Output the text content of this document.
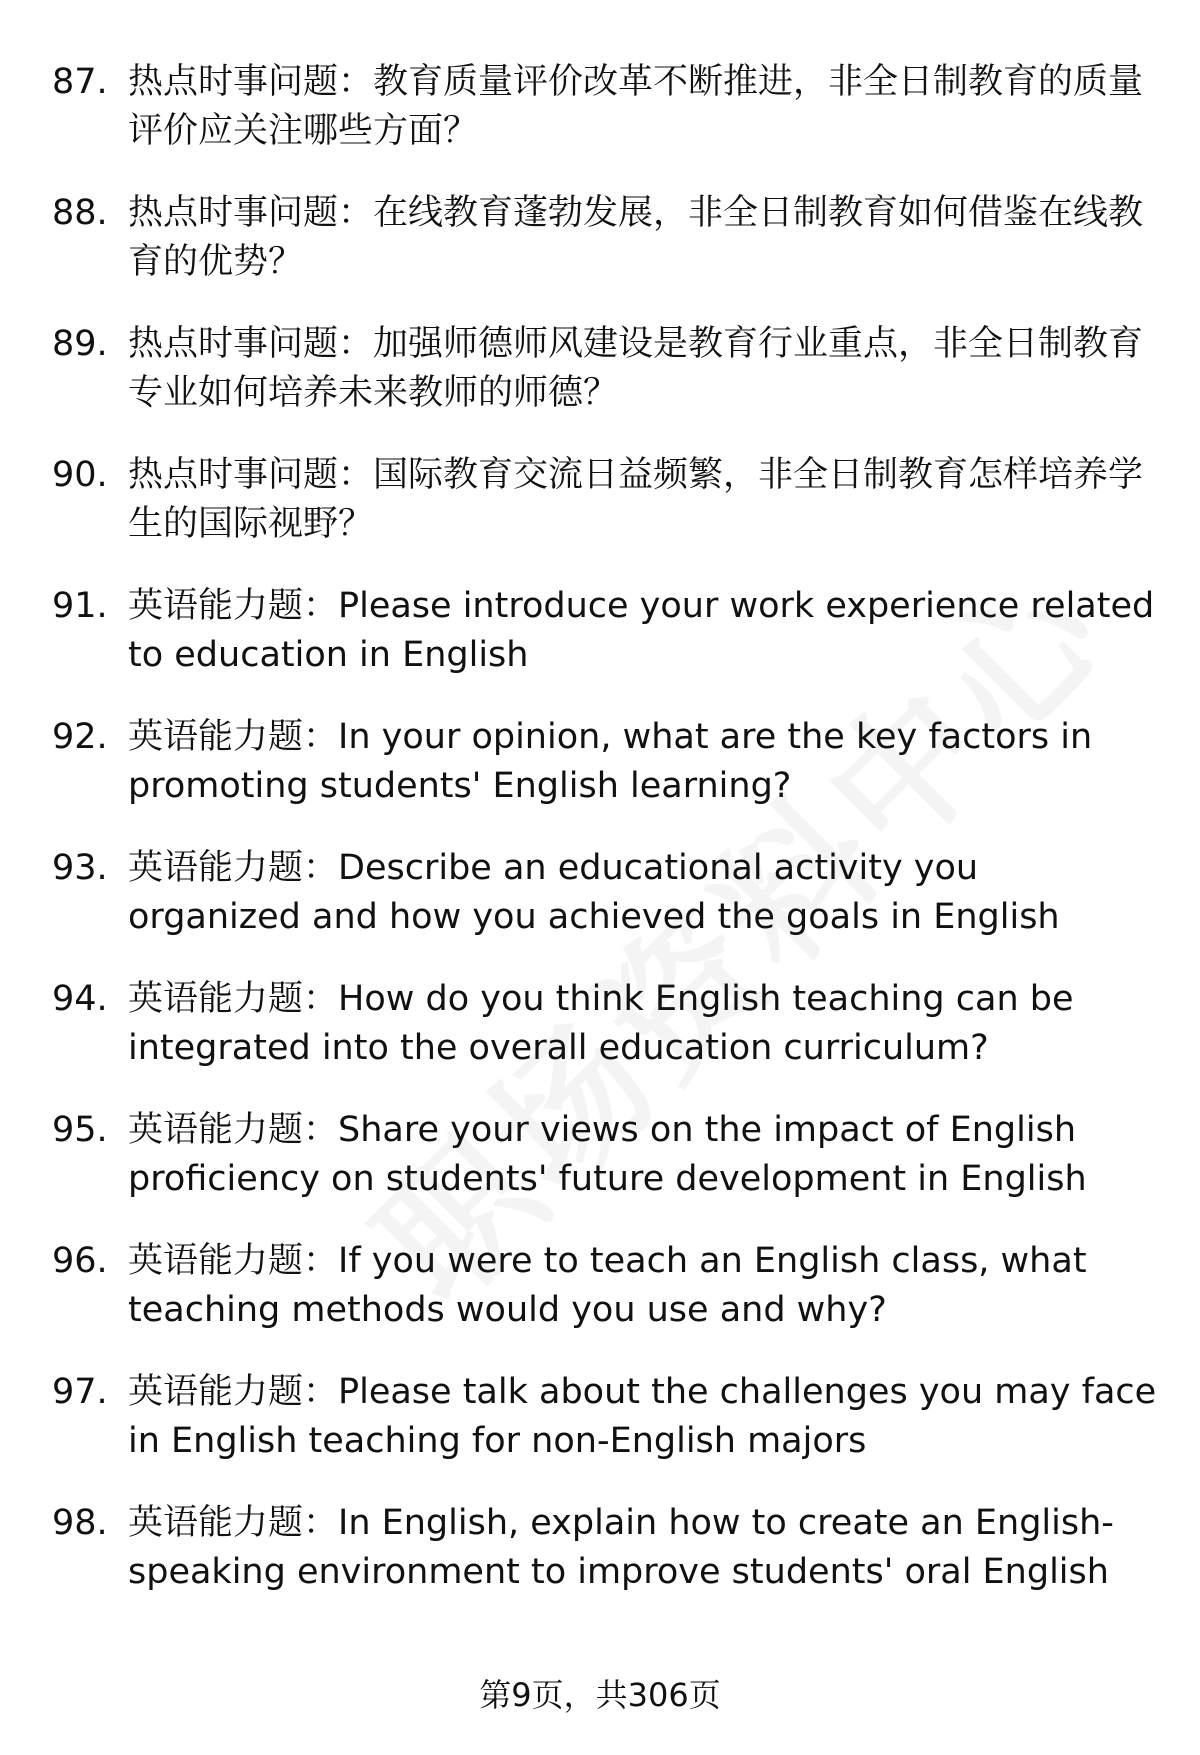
87. 热点时事问题：教育质量评价改革不断推进，非全日制教育的质量评价应关注哪些方面？
88. 热点时事问题：在线教育蓬勃发展，非全日制教育如何借鉴在线教育的优势？
89. 热点时事问题：加强师德师风建设是教育行业重点，非全日制教育专业如何培养未来教师的师德？
90. 热点时事问题：国际教育交流日益频繁，非全日制教育怎样培养学生的国际视野？
91. 英语能力题：Please introduce your work experience related to education in English
92. 英语能力题：In your opinion, what are the key factors in promoting students' English learning?
93. 英语能力题：Describe an educational activity you organized and how you achieved the goals in English
94. 英语能力题：How do you think English teaching can be integrated into the overall education curriculum?
95. 英语能力题：Share your views on the impact of English proficiency on students' future development in English
96. 英语能力题：If you were to teach an English class, what teaching methods would you use and why?
97. 英语能力题：Please talk about the challenges you may face in English teaching for non-English majors
98. 英语能力题：In English, explain how to create an English-speaking environment to improve students' oral English
第9页，共306页
